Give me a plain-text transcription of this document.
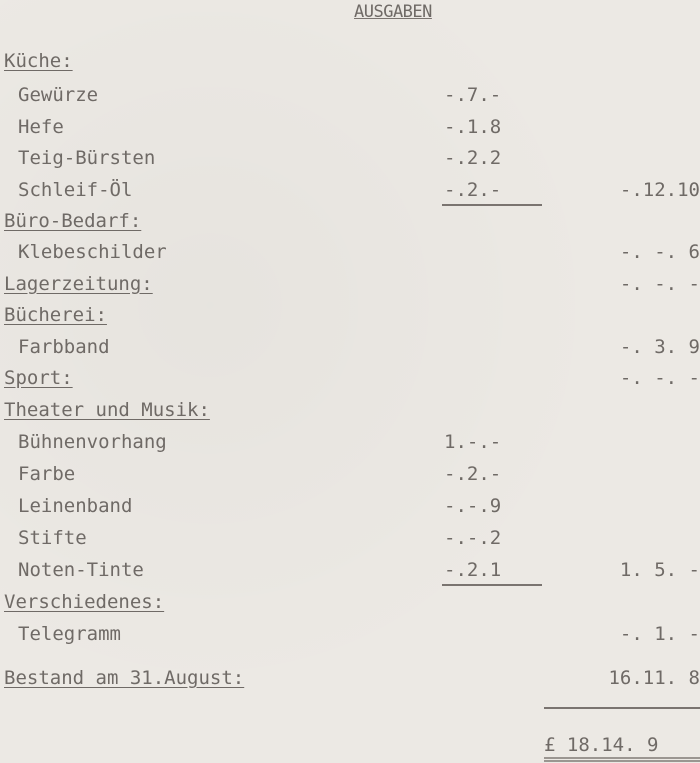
AUSGABEN
Küche:
Gewürze	-.7.-
Hefe	-.1.8
Teig-Bürsten	-.2.2
Schleif-Öl	-.2.-	-.12.10
Büro-Bedarf:
Klebeschilder	-. -. 6
Lagerzeitung:	-. -. -
Bücherei:
Farbband	-. 3. 9
Sport:	-. -. -
Theater und Musik:
Bühnenvorhang	1.-.-
Farbe	-.2.-
Leinenband	-.-.9
Stifte	-.-.2
Noten-Tinte	-.2.1	1. 5. -
Verschiedenes:
Telegramm	-. 1. -
Bestand am 31.August:	16.11. 8
£ 18.14. 9
